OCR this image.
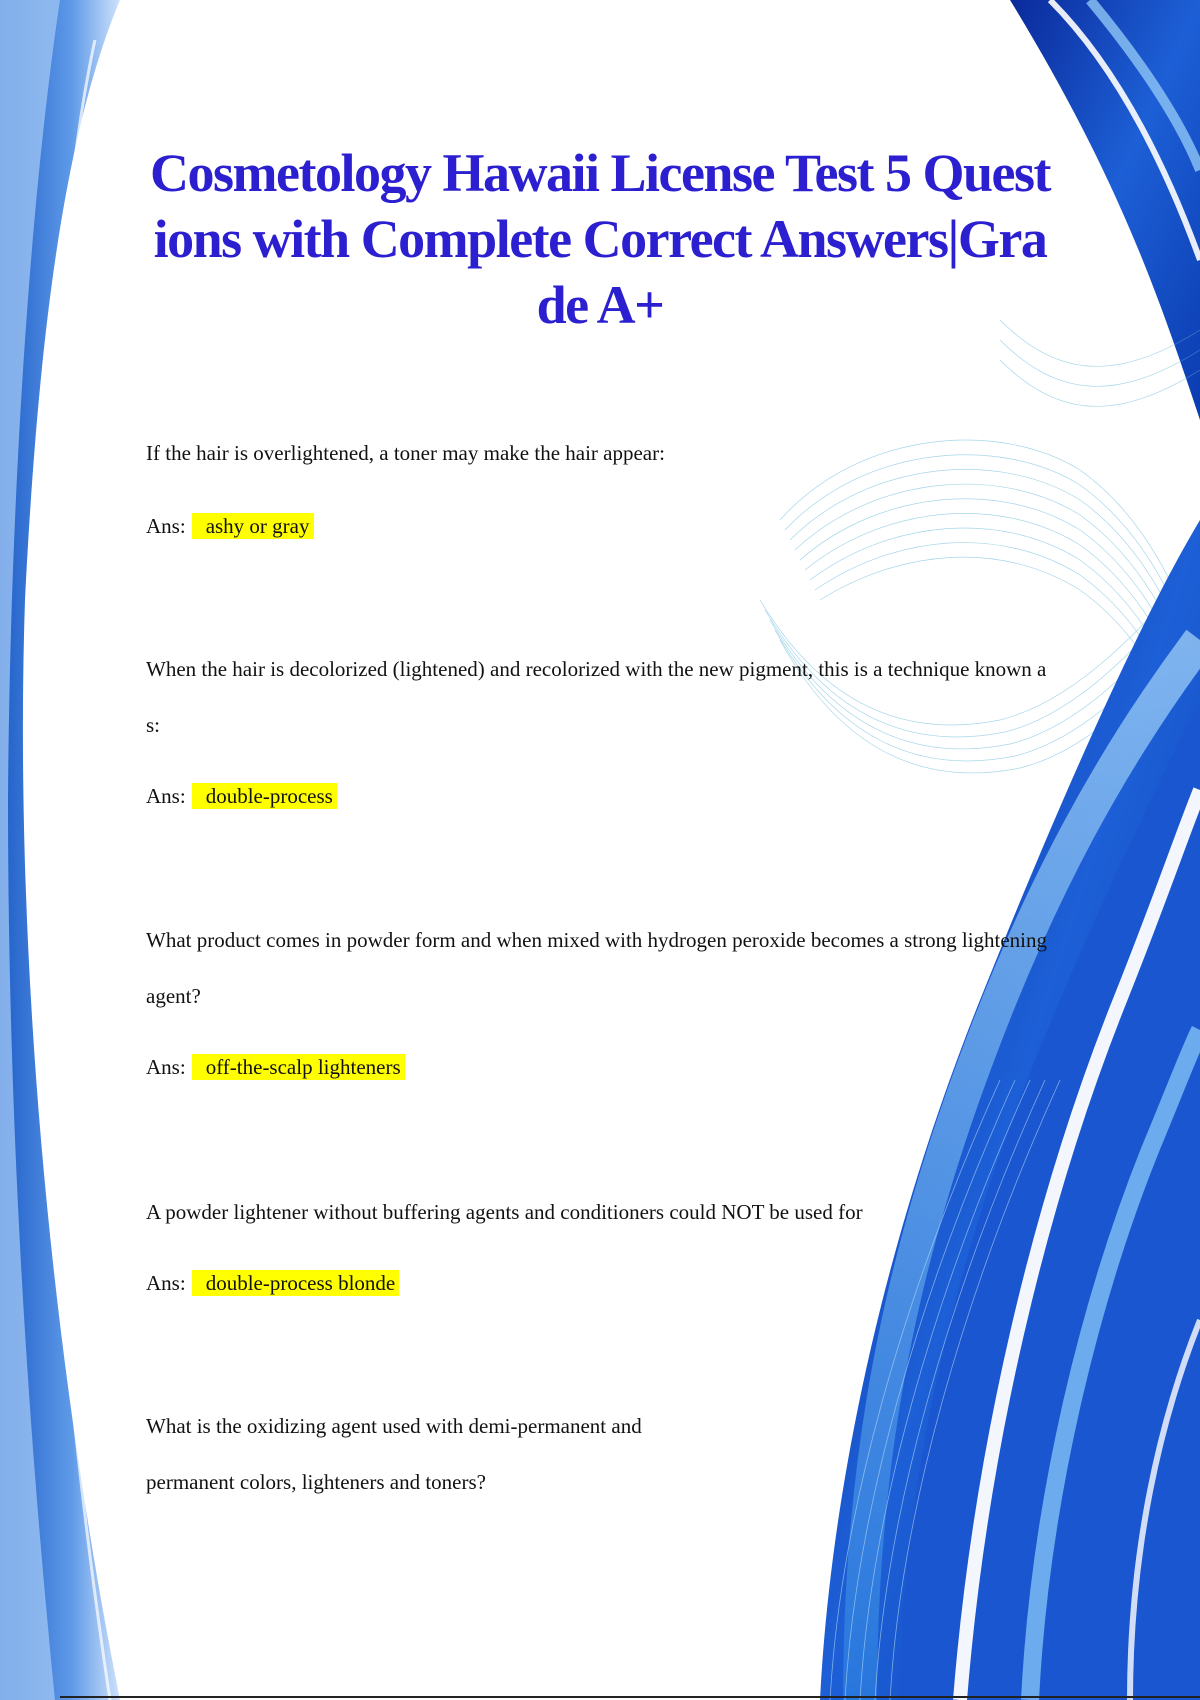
Cosmetology Hawaii License Test 5 Questions with Complete Correct Answers|Grade A+

If the hair is overlightened, a toner may make the hair appear:

Ans: ashy or gray

When the hair is decolorized (lightened) and recolorized with the new pigment, this is a technique known as:

Ans: double-process

What product comes in powder form and when mixed with hydrogen peroxide becomes a strong lightening agent?

Ans: off-the-scalp lighteners

A powder lightener without buffering agents and conditioners could NOT be used for

Ans: double-process blonde

What is the oxidizing agent used with demi-permanent and permanent colors, lighteners and toners?
